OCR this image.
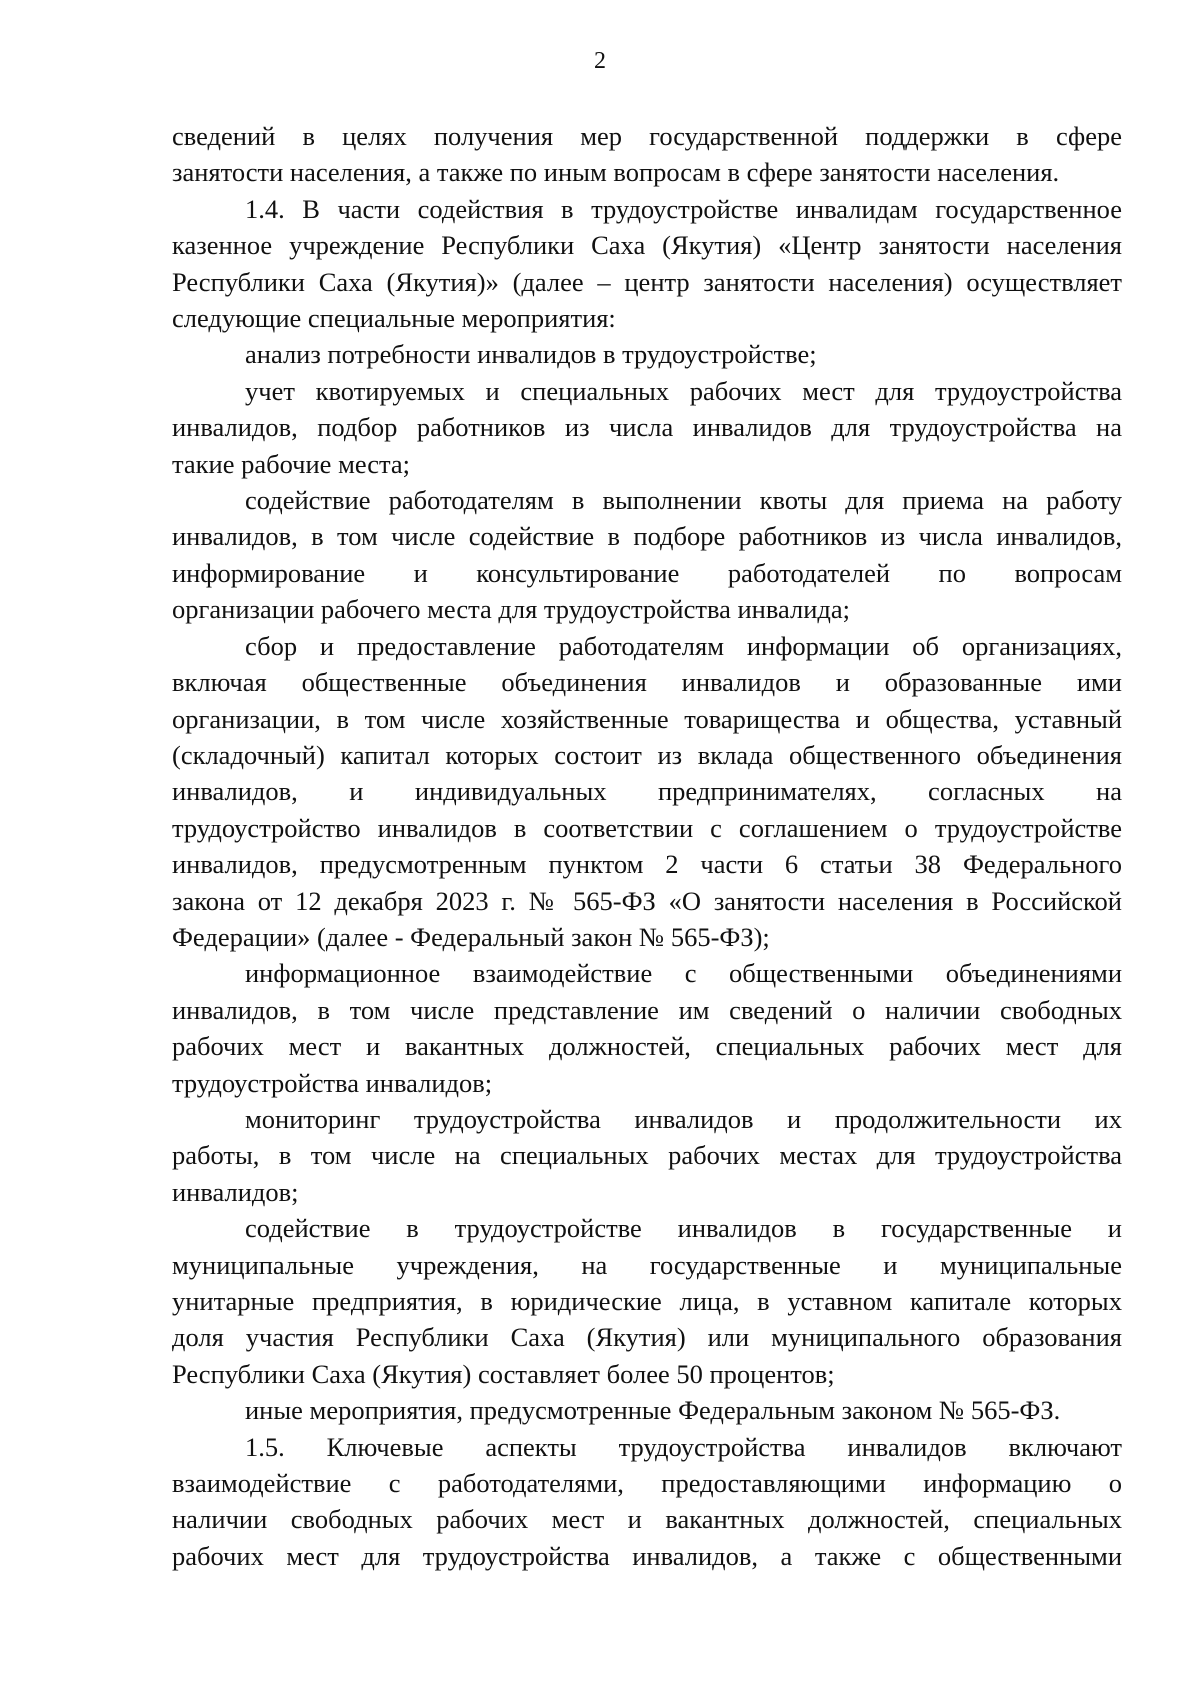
2
сведений в целях получения мер государственной поддержки в сфере
занятости населения, а также по иным вопросам в сфере занятости населения.
1.4. В части содействия в трудоустройстве инвалидам государственное
казенное учреждение Республики Саха (Якутия) «Центр занятости населения
Республики Саха (Якутия)» (далее – центр занятости населения) осуществляет
следующие специальные мероприятия:
анализ потребности инвалидов в трудоустройстве;
учет квотируемых и специальных рабочих мест для трудоустройства
инвалидов, подбор работников из числа инвалидов для трудоустройства на
такие рабочие места;
содействие работодателям в выполнении квоты для приема на работу
инвалидов, в том числе содействие в подборе работников из числа инвалидов,
информирование и консультирование работодателей по вопросам
организации рабочего места для трудоустройства инвалида;
сбор и предоставление работодателям информации об организациях,
включая общественные объединения инвалидов и образованные ими
организации, в том числе хозяйственные товарищества и общества, уставный
(складочный) капитал которых состоит из вклада общественного объединения
инвалидов, и индивидуальных предпринимателях, согласных на
трудоустройство инвалидов в соответствии с соглашением о трудоустройстве
инвалидов, предусмотренным пунктом 2 части 6 статьи 38 Федерального
закона от 12 декабря 2023 г. № 565-ФЗ «О занятости населения в Российской
Федерации» (далее - Федеральный закон № 565-ФЗ);
информационное взаимодействие с общественными объединениями
инвалидов, в том числе представление им сведений о наличии свободных
рабочих мест и вакантных должностей, специальных рабочих мест для
трудоустройства инвалидов;
мониторинг трудоустройства инвалидов и продолжительности их
работы, в том числе на специальных рабочих местах для трудоустройства
инвалидов;
содействие в трудоустройстве инвалидов в государственные и
муниципальные учреждения, на государственные и муниципальные
унитарные предприятия, в юридические лица, в уставном капитале которых
доля участия Республики Саха (Якутия) или муниципального образования
Республики Саха (Якутия) составляет более 50 процентов;
иные мероприятия, предусмотренные Федеральным законом № 565-ФЗ.
1.5. Ключевые аспекты трудоустройства инвалидов включают
взаимодействие с работодателями, предоставляющими информацию о
наличии свободных рабочих мест и вакантных должностей, специальных
рабочих мест для трудоустройства инвалидов, а также с общественными
